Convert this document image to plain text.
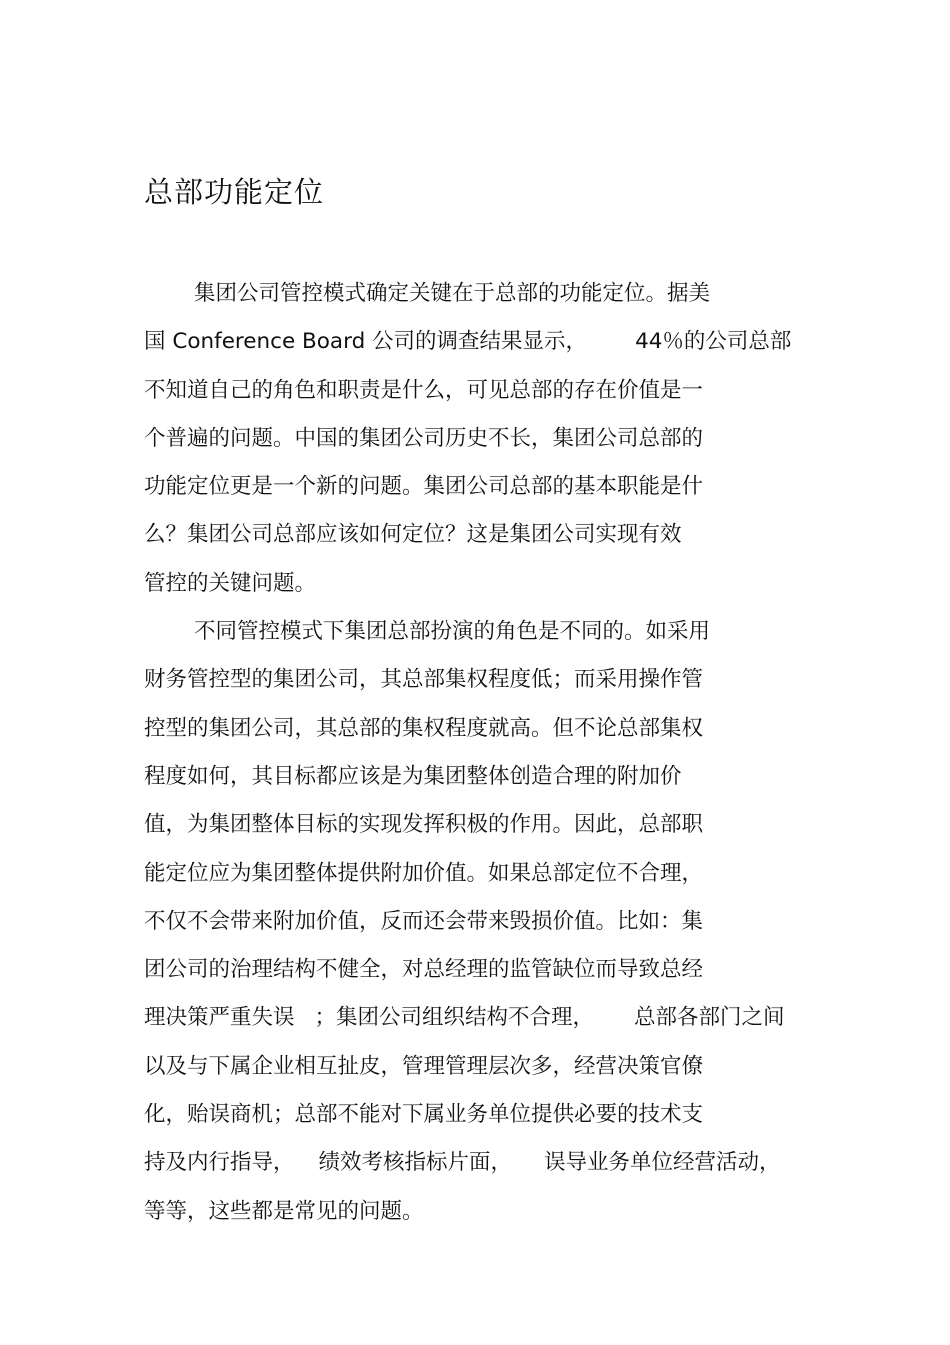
总部功能定位
集团公司管控模式确定关键在于总部的功能定位。据美
国 Conference Board 公司的调查结果显示， 44％的公司总部
不知道自己的角色和职责是什么，可见总部的存在价值是一
个普遍的问题。中国的集团公司历史不长，集团公司总部的
功能定位更是一个新的问题。集团公司总部的基本职能是什
么？集团公司总部应该如何定位？这是集团公司实现有效
管控的关键问题。
不同管控模式下集团总部扮演的角色是不同的。如采用
财务管控型的集团公司，其总部集权程度低；而采用操作管
控型的集团公司，其总部的集权程度就高。但不论总部集权
程度如何，其目标都应该是为集团整体创造合理的附加价
值，为集团整体目标的实现发挥积极的作用。因此，总部职
能定位应为集团整体提供附加价值。如果总部定位不合理，
不仅不会带来附加价值，反而还会带来毁损价值。比如：集
团公司的治理结构不健全，对总经理的监管缺位而导致总经
理决策严重失误 ；集团公司组织结构不合理， 总部各部门之间
以及与下属企业相互扯皮，管理管理层次多，经营决策官僚
化，贻误商机；总部不能对下属业务单位提供必要的技术支
持及内行指导， 绩效考核指标片面， 误导业务单位经营活动，
等等，这些都是常见的问题。
